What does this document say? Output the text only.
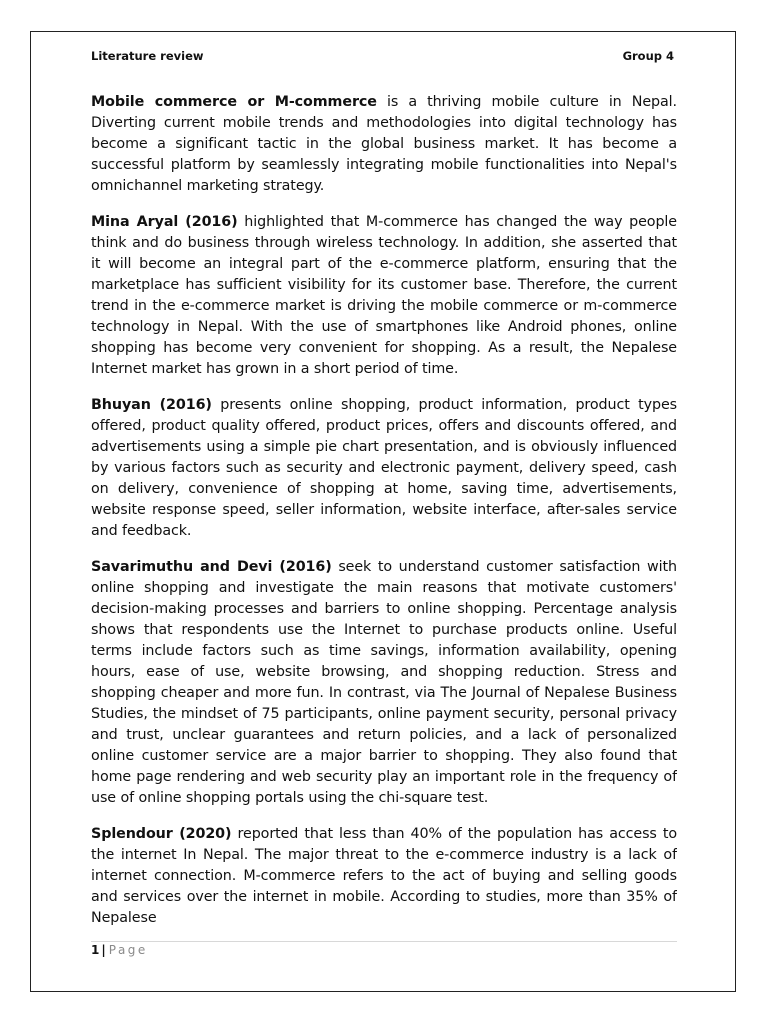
Literature review	Group 4

Mobile commerce or M-commerce is a thriving mobile culture in Nepal. Diverting current mobile trends and methodologies into digital technology has become a significant tactic in the global business market. It has become a successful platform by seamlessly integrating mobile functionalities into Nepal's omnichannel marketing strategy.

Mina Aryal (2016) highlighted that M-commerce has changed the way people think and do business through wireless technology. In addition, she asserted that it will become an integral part of the e-commerce platform, ensuring that the marketplace has sufficient visibility for its customer base. Therefore, the current trend in the e-commerce market is driving the mobile commerce or m-commerce technology in Nepal. With the use of smartphones like Android phones, online shopping has become very convenient for shopping. As a result, the Nepalese Internet market has grown in a short period of time.

Bhuyan (2016) presents online shopping, product information, product types offered, product quality offered, product prices, offers and discounts offered, and advertisements using a simple pie chart presentation, and is obviously influenced by various factors such as security and electronic payment, delivery speed, cash on delivery, convenience of shopping at home, saving time, advertisements, website response speed, seller information, website interface, after-sales service and feedback.

Savarimuthu and Devi (2016) seek to understand customer satisfaction with online shopping and investigate the main reasons that motivate customers' decision-making processes and barriers to online shopping. Percentage analysis shows that respondents use the Internet to purchase products online. Useful terms include factors such as time savings, information availability, opening hours, ease of use, website browsing, and shopping reduction. Stress and shopping cheaper and more fun. In contrast, via The Journal of Nepalese Business Studies, the mindset of 75 participants, online payment security, personal privacy and trust, unclear guarantees and return policies, and a lack of personalized online customer service are a major barrier to shopping. They also found that home page rendering and web security play an important role in the frequency of use of online shopping portals using the chi-square test.

Splendour (2020) reported that less than 40% of the population has access to the internet In Nepal. The major threat to the e-commerce industry is a lack of internet connection. M-commerce refers to the act of buying and selling goods and services over the internet in mobile. According to studies, more than 35% of Nepalese

1 | Page
